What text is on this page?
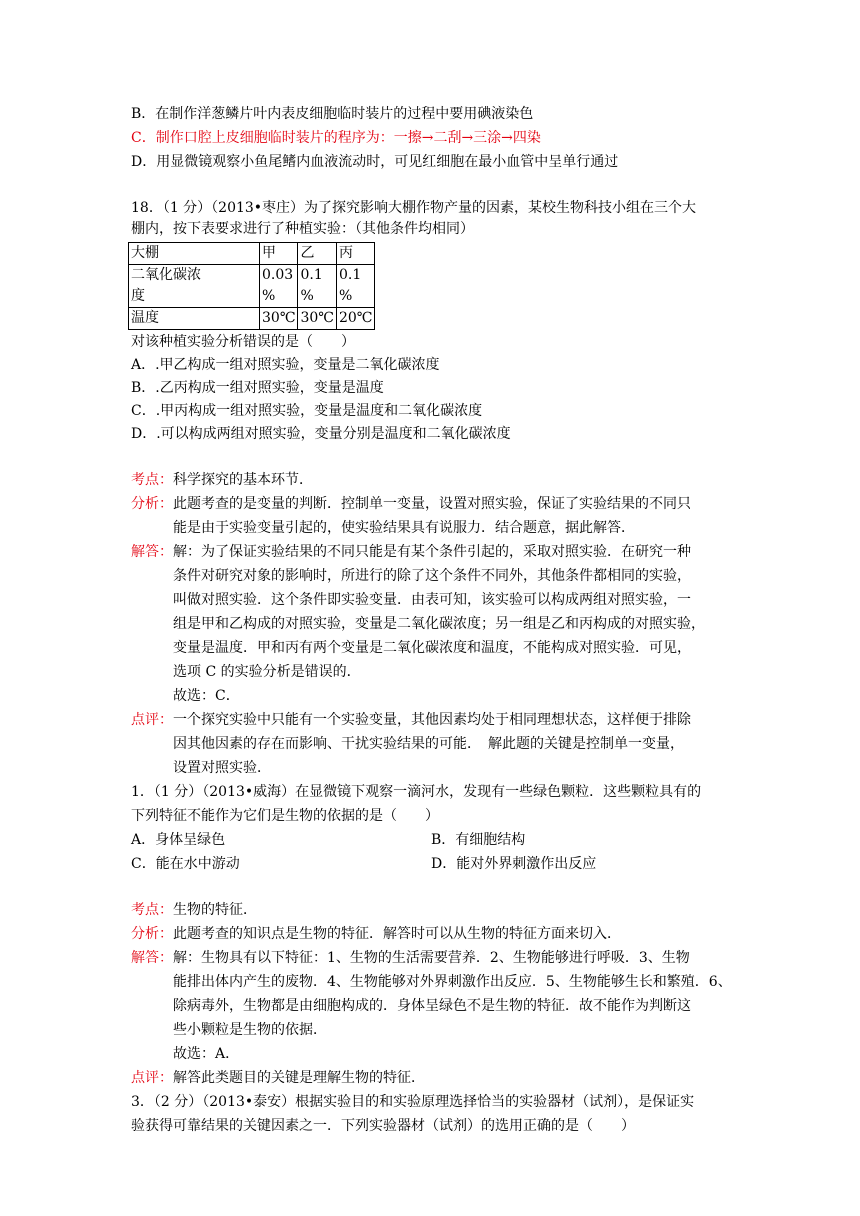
B．在制作洋葱鳞片叶内表皮细胞临时装片的过程中要用碘液染色
C．制作口腔上皮细胞临时装片的程序为：一擦→二刮→三涂→四染
D．用显微镜观察小鱼尾鳍内血液流动时，可见红细胞在最小血管中呈单行通过
18．（1 分）（2013•枣庄）为了探究影响大棚作物产量的因素，某校生物科技小组在三个大
棚内，按下表要求进行了种植实验：（其他条件均相同）
大棚	甲	乙	丙
二氧化碳浓
度	0.03
%	0.1
%	0.1
%
温度	30℃	30℃	20℃
对该种植实验分析错误的是（　　）
A．.甲乙构成一组对照实验，变量是二氧化碳浓度
B．.乙丙构成一组对照实验，变量是温度
C．.甲丙构成一组对照实验，变量是温度和二氧化碳浓度
D．.可以构成两组对照实验，变量分别是温度和二氧化碳浓度
考点：科学探究的基本环节．
分析：此题考查的是变量的判断．控制单一变量，设置对照实验，保证了实验结果的不同只
能是由于实验变量引起的，使实验结果具有说服力．结合题意，据此解答．
解答：解：为了保证实验结果的不同只能是有某个条件引起的，采取对照实验．在研究一种
条件对研究对象的影响时，所进行的除了这个条件不同外，其他条件都相同的实验，
叫做对照实验．这个条件即实验变量．由表可知，该实验可以构成两组对照实验，一
组是甲和乙构成的对照实验，变量是二氧化碳浓度；另一组是乙和丙构成的对照实验，
变量是温度．甲和丙有两个变量是二氧化碳浓度和温度，不能构成对照实验．可见，
选项 C 的实验分析是错误的．
故选：C．
点评：一个探究实验中只能有一个实验变量，其他因素均处于相同理想状态，这样便于排除
因其他因素的存在而影响、干扰实验结果的可能．　解此题的关键是控制单一变量，
设置对照实验．
1．（1 分）（2013•威海）在显微镜下观察一滴河水，发现有一些绿色颗粒．这些颗粒具有的
下列特征不能作为它们是生物的依据的是（　　）
A．身体呈绿色	B．有细胞结构
C．能在水中游动	D．能对外界刺激作出反应
考点：生物的特征．
分析：此题考查的知识点是生物的特征．解答时可以从生物的特征方面来切入．
解答：解：生物具有以下特征：1、生物的生活需要营养．2、生物能够进行呼吸．3、生物
能排出体内产生的废物．4、生物能够对外界刺激作出反应．5、生物能够生长和繁殖．6、
除病毒外，生物都是由细胞构成的．身体呈绿色不是生物的特征．故不能作为判断这
些小颗粒是生物的依据．
故选：A．
点评：解答此类题目的关键是理解生物的特征．
3．（2 分）（2013•泰安）根据实验目的和实验原理选择恰当的实验器材（试剂），是保证实
验获得可靠结果的关键因素之一．下列实验器材（试剂）的选用正确的是（　　）
